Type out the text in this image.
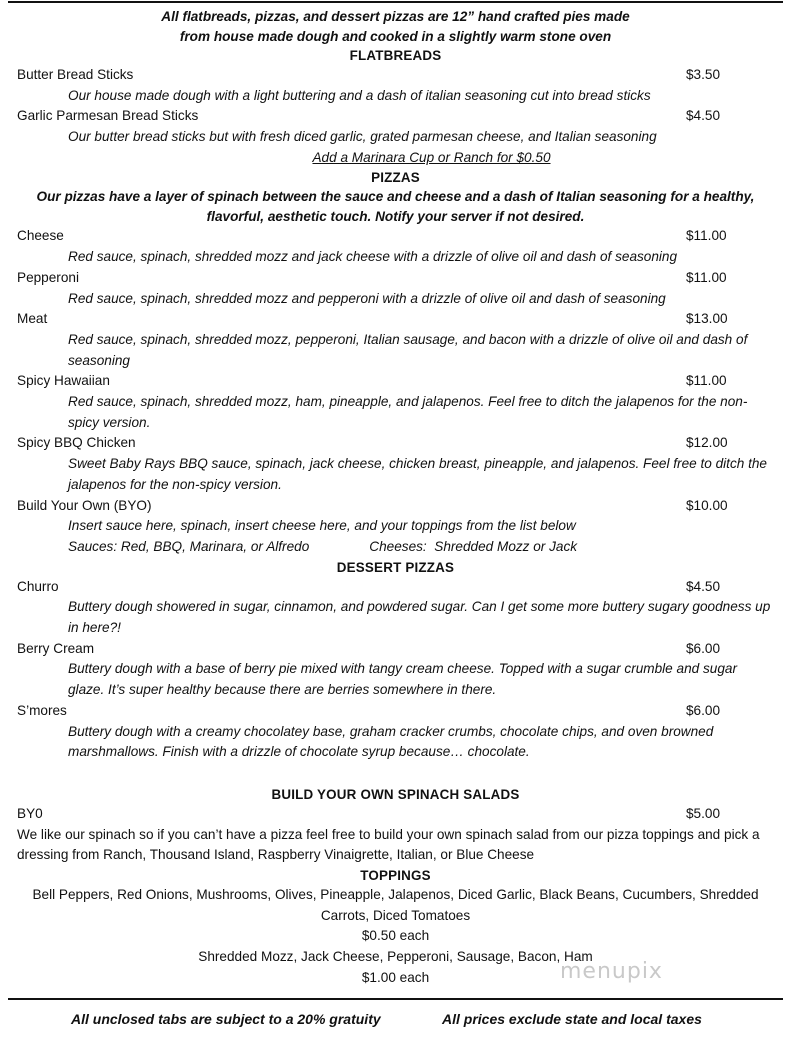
All flatbreads, pizzas, and dessert pizzas are 12” hand crafted pies made
from house made dough and cooked in a slightly warm stone oven
FLATBREADS
Butter Bread Sticks	$3.50
Our house made dough with a light buttering and a dash of italian seasoning cut into bread sticks
Garlic Parmesan Bread Sticks	$4.50
Our butter bread sticks but with fresh diced garlic, grated parmesan cheese, and Italian seasoning
Add a Marinara Cup or Ranch for $0.50
PIZZAS
Our pizzas have a layer of spinach between the sauce and cheese and a dash of Italian seasoning for a healthy, flavorful, aesthetic touch. Notify your server if not desired.
Cheese	$11.00
Red sauce, spinach, shredded mozz and jack cheese with a drizzle of olive oil and dash of seasoning
Pepperoni	$11.00
Red sauce, spinach, shredded mozz and pepperoni with a drizzle of olive oil and dash of seasoning
Meat	$13.00
Red sauce, spinach, shredded mozz, pepperoni, Italian sausage, and bacon with a drizzle of olive oil and dash of seasoning
Spicy Hawaiian	$11.00
Red sauce, spinach, shredded mozz, ham, pineapple, and jalapenos. Feel free to ditch the jalapenos for the non-spicy version.
Spicy BBQ Chicken	$12.00
Sweet Baby Rays BBQ sauce, spinach, jack cheese, chicken breast, pineapple, and jalapenos. Feel free to ditch the jalapenos for the non-spicy version.
Build Your Own (BYO)	$10.00
Insert sauce here, spinach, insert cheese here, and your toppings from the list below
Sauces: Red, BBQ, Marinara, or Alfredo	Cheeses:  Shredded Mozz or Jack
DESSERT PIZZAS
Churro	$4.50
Buttery dough showered in sugar, cinnamon, and powdered sugar. Can I get some more buttery sugary goodness up in here?!
Berry Cream	$6.00
Buttery dough with a base of berry pie mixed with tangy cream cheese. Topped with a sugar crumble and sugar glaze. It’s super healthy because there are berries somewhere in there.
S’mores	$6.00
Buttery dough with a creamy chocolatey base, graham cracker crumbs, chocolate chips, and oven browned marshmallows. Finish with a drizzle of chocolate syrup because… chocolate.
BUILD YOUR OWN SPINACH SALADS
BY0	$5.00
We like our spinach so if you can’t have a pizza feel free to build your own spinach salad from our pizza toppings and pick a dressing from Ranch, Thousand Island, Raspberry Vinaigrette, Italian, or Blue Cheese
TOPPINGS
Bell Peppers, Red Onions, Mushrooms, Olives, Pineapple, Jalapenos, Diced Garlic, Black Beans, Cucumbers, Shredded Carrots, Diced Tomatoes
$0.50 each
Shredded Mozz, Jack Cheese, Pepperoni, Sausage, Bacon, Ham
$1.00 each	menupix
All unclosed tabs are subject to a 20% gratuity	All prices exclude state and local taxes
